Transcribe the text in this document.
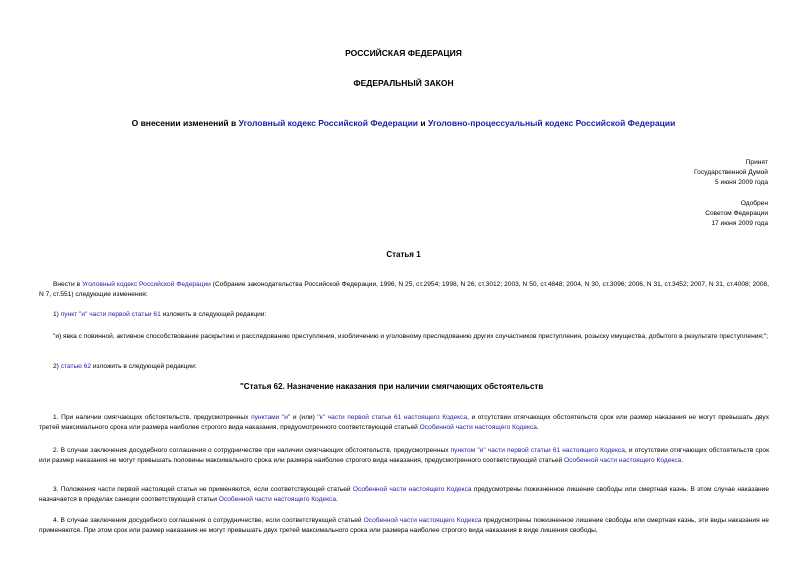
РОССИЙСКАЯ ФЕДЕРАЦИЯ
ФЕДЕРАЛЬНЫЙ ЗАКОН
О внесении изменений в Уголовный кодекс Российской Федерации и Уголовно-процессуальный кодекс Российской Федерации
Принят
Государственной Думой
5 июня 2009 года
Одобрен
Советом Федерации
17 июня 2009 года
Статья 1
Внести в Уголовный кодекс Российской Федерации (Собрание законодательства Российской Федерации, 1996, N 25, ст.2954; 1998, N 26, ст.3012; 2003, N 50, ст.4848; 2004, N 30, ст.3096; 2006, N 31, ст.3452; 2007, N 31, ст.4008; 2008, N 7, ст.551) следующие изменения:
1) пункт "и" части первой статьи 61 изложить в следующей редакции:
"и) явка с повинной, активное способствование раскрытию и расследованию преступления, изобличению и уголовному преследованию других соучастников преступления, розыску имущества, добытого в результате преступления;";
2) статью 62 изложить в следующей редакции:
"Статья 62. Назначение наказания при наличии смягчающих обстоятельств
1. При наличии смягчающих обстоятельств, предусмотренных пунктами "и" и (или) "к" части первой статьи 61 настоящего Кодекса, и отсутствии отягчающих обстоятельств срок или размер наказания не могут превышать двух третей максимального срока или размера наиболее строгого вида наказания, предусмотренного соответствующей статьей Особенной части настоящего Кодекса.
2. В случае заключения досудебного соглашения о сотрудничестве при наличии смягчающих обстоятельств, предусмотренных пунктом "и" части первой статьи 61 настоящего Кодекса, и отсутствии отягчающих обстоятельств срок или размер наказания не могут превышать половины максимального срока или размера наиболее строгого вида наказания, предусмотренного соответствующей статьей Особенной части настоящего Кодекса.
3. Положения части первой настоящей статьи не применяются, если соответствующей статьей Особенной части настоящего Кодекса предусмотрены пожизненное лишение свободы или смертная казнь. В этом случае наказание назначается в пределах санкции соответствующей статьи Особенной части настоящего Кодекса.
4. В случае заключения досудебного соглашения о сотрудничестве, если соответствующей статьей Особенной части настоящего Кодекса предусмотрены пожизненное лишение свободы или смертная казнь, эти виды наказания не применяются. При этом срок или размер наказания не могут превышать двух третей максимального срока или размера наиболее строгого вида наказания в виде лишения свободы,
